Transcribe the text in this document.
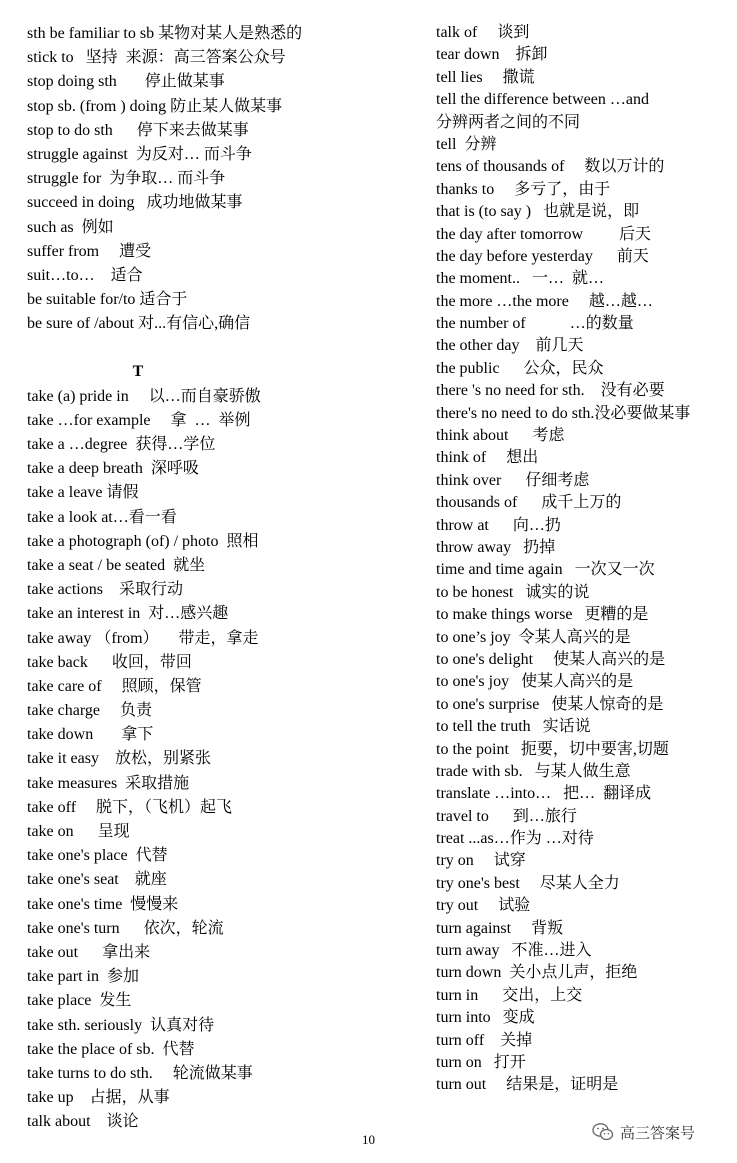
sth be familiar to sb 某物对某人是熟悉的
stick to   坚持  来源：高三答案公众号
stop doing sth       停止做某事
stop sb. (from ) doing 防止某人做某事
stop to do sth      停下来去做某事
struggle against  为反对… 而斗争
struggle for  为争取… 而斗争
succeed in doing   成功地做某事
such as  例如
suffer from     遭受
suit…to…    适合
be suitable for/to 适合于
be sure of /about 对...有信心,确信
T
take (a) pride in     以…而自豪骄傲
take …for example     拿  …  举例
take a …degree  获得…学位
take a deep breath  深呼吸
take a leave 请假
take a look at…看一看
take a photograph (of) / photo  照相
take a seat / be seated  就坐
take actions    采取行动
take an interest in  对…感兴趣
take away （from）     带走，拿走
take back      收回，带回
take care of     照顾，保管
take charge     负责
take down       拿下
take it easy    放松，别紧张
take measures  采取措施
take off     脱下，（飞机）起飞
take on      呈现
take one's place  代替
take one's seat    就座
take one's time  慢慢来
take one's turn      依次，轮流
take out      拿出来
take part in  参加
take place  发生
take sth. seriously  认真对待
take the place of sb.  代替
take turns to do sth.     轮流做某事
take up    占据，从事
talk about    谈论
talk of     谈到
tear down    拆卸
tell lies     撒谎
tell the difference between …and
分辨两者之间的不同
tell  分辨
tens of thousands of     数以万计的
thanks to     多亏了，由于
that is (to say )   也就是说，即
the day after tomorrow         后天
the day before yesterday      前天
the moment..   一…  就…
the more …the more     越…越…
the number of           …的数量
the other day    前几天
the public      公众，民众
there 's no need for sth.    没有必要
there's no need to do sth.没必要做某事
think about      考虑
think of     想出
think over      仔细考虑
thousands of      成千上万的
throw at      向…扔
throw away   扔掉
time and time again   一次又一次
to be honest   诚实的说
to make things worse   更糟的是
to one’s joy  令某人高兴的是
to one's delight     使某人高兴的是
to one's joy   使某人高兴的是
to one's surprise   使某人惊奇的是
to tell the truth   实话说
to the point   扼要，切中要害,切题
trade with sb.   与某人做生意
translate …into…   把…  翻译成
travel to      到…旅行
treat ...as…作为 …对待
try on     试穿
try one's best     尽某人全力
try out     试验
turn against     背叛
turn away   不准…进入
turn down  关小点儿声，拒绝
turn in      交出，上交
turn into   变成
turn off    关掉
turn on   打开
turn out     结果是，证明是
10	高三答案号
